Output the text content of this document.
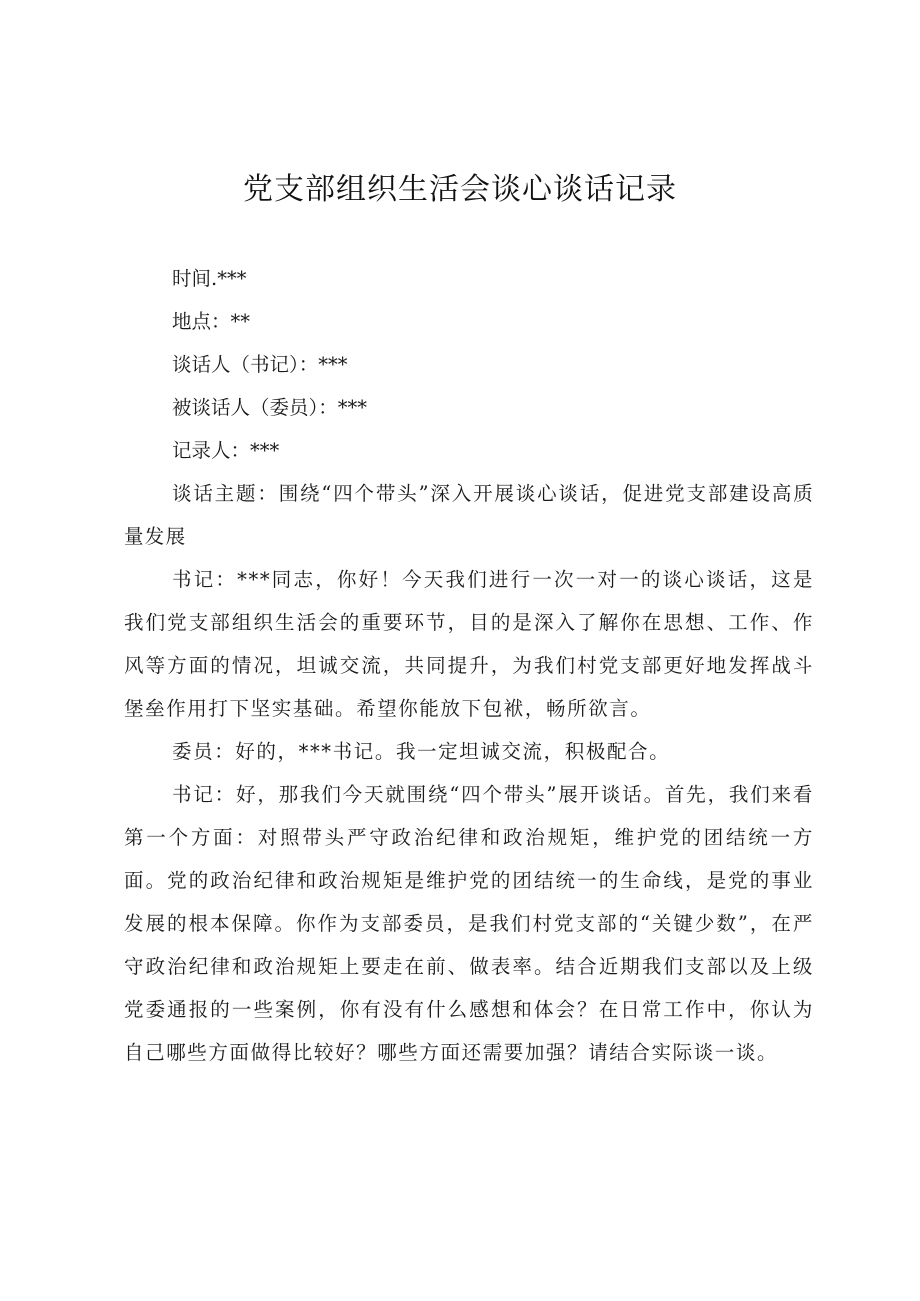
党支部组织生活会谈心谈话记录

时间.***

地点：**

谈话人（书记）：***

被谈话人（委员）：***

记录人：***

谈话主题：围绕“四个带头”深入开展谈心谈话，促进党支部建设高质量发展

书记：***同志，你好！今天我们进行一次一对一的谈心谈话，这是我们党支部组织生活会的重要环节，目的是深入了解你在思想、工作、作风等方面的情况，坦诚交流，共同提升，为我们村党支部更好地发挥战斗堡垒作用打下坚实基础。希望你能放下包袱，畅所欲言。

委员：好的，***书记。我一定坦诚交流，积极配合。

书记：好，那我们今天就围绕“四个带头”展开谈话。首先，我们来看第一个方面：对照带头严守政治纪律和政治规矩，维护党的团结统一方面。党的政治纪律和政治规矩是维护党的团结统一的生命线，是党的事业发展的根本保障。你作为支部委员，是我们村党支部的“关键少数”，在严守政治纪律和政治规矩上要走在前、做表率。结合近期我们支部以及上级党委通报的一些案例，你有没有什么感想和体会？在日常工作中，你认为自己哪些方面做得比较好？哪些方面还需要加强？请结合实际谈一谈。
